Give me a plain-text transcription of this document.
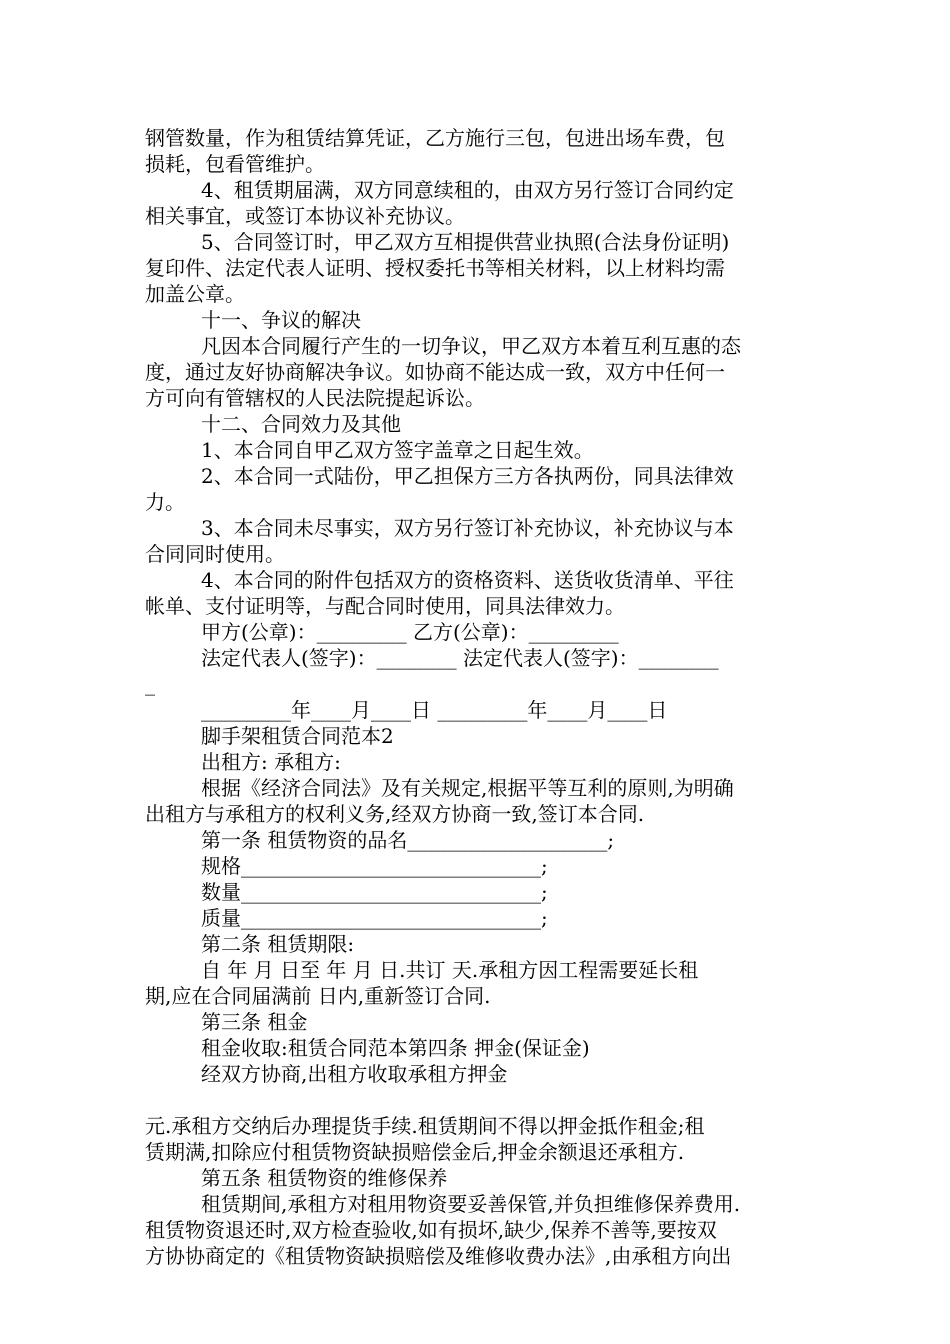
钢管数量，作为租赁结算凭证，乙方施行三包，包进出场车费，包
损耗，包看管维护。
4、租赁期届满，双方同意续租的，由双方另行签订合同约定
相关事宜，或签订本协议补充协议。
5、合同签订时，甲乙双方互相提供营业执照(合法身份证明)
复印件、法定代表人证明、授权委托书等相关材料，以上材料均需
加盖公章。
十一、争议的解决
凡因本合同履行产生的一切争议，甲乙双方本着互利互惠的态
度，通过友好协商解决争议。如协商不能达成一致，双方中任何一
方可向有管辖权的人民法院提起诉讼。
十二、合同效力及其他
1、本合同自甲乙双方签字盖章之日起生效。
2、本合同一式陆份，甲乙担保方三方各执两份，同具法律效
力。
3、本合同未尽事实，双方另行签订补充协议，补充协议与本
合同同时使用。
4、本合同的附件包括双方的资格资料、送货收货清单、平往
帐单、支付证明等，与配合同时使用，同具法律效力。
甲方(公章)：_________ 乙方(公章)：_________
法定代表人(签字)：________ 法定代表人(签字)：________
_
_________年____月____日 _________年____月____日
脚手架租赁合同范本2
出租方: 承租方:
根据《经济合同法》及有关规定,根据平等互利的原则,为明确
出租方与承租方的权利义务,经双方协商一致,签订本合同.
第一条 租赁物资的品名____________________;
规格______________________________;
数量______________________________;
质量______________________________;
第二条 租赁期限:
自 年 月 日至 年 月 日.共订 天.承租方因工程需要延长租
期,应在合同届满前 日内,重新签订合同.
第三条 租金
租金收取:租赁合同范本第四条 押金(保证金)
经双方协商,出租方收取承租方押金
元.承租方交纳后办理提货手续.租赁期间不得以押金抵作租金;租
赁期满,扣除应付租赁物资缺损赔偿金后,押金余额退还承租方.
第五条 租赁物资的维修保养
租赁期间,承租方对租用物资要妥善保管,并负担维修保养费用.
租赁物资退还时,双方检查验收,如有损坏,缺少,保养不善等,要按双
方协协商定的《租赁物资缺损赔偿及维修收费办法》,由承租方向出
